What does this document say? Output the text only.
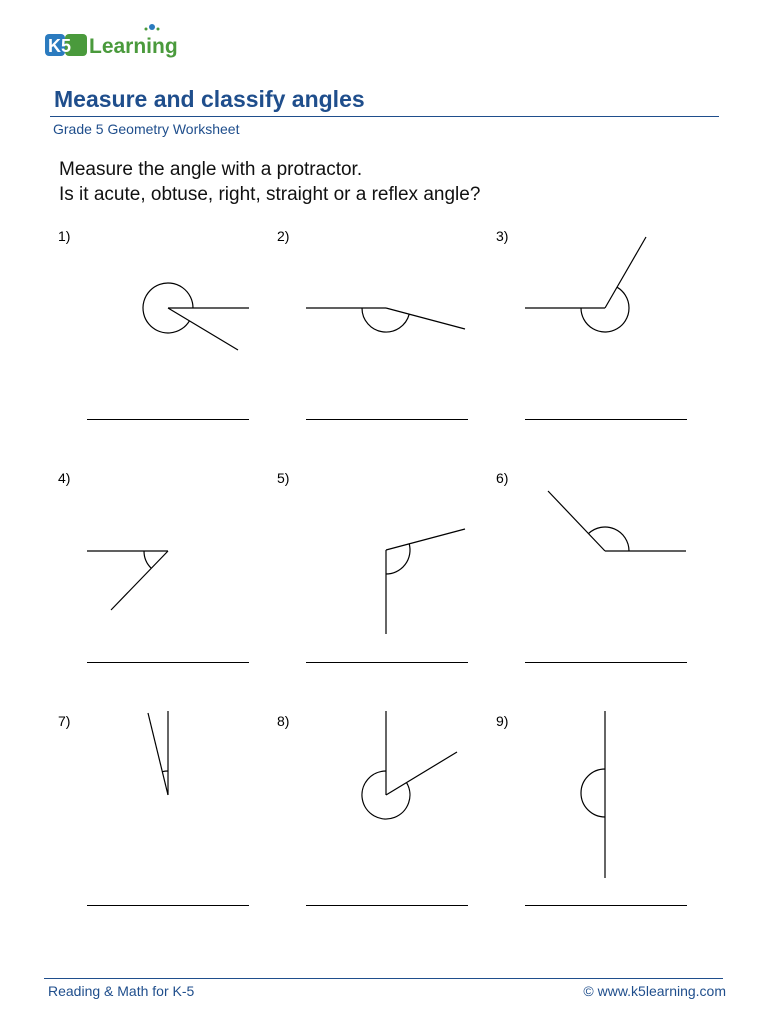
K5 Learning
Measure and classify angles
Grade 5 Geometry Worksheet
Measure the angle with a protractor.
Is it acute, obtuse, right, straight or a reflex angle?
1)	2)	3)
4)	5)	6)
7)	8)	9)
Reading & Math for K-5	© www.k5learning.com
